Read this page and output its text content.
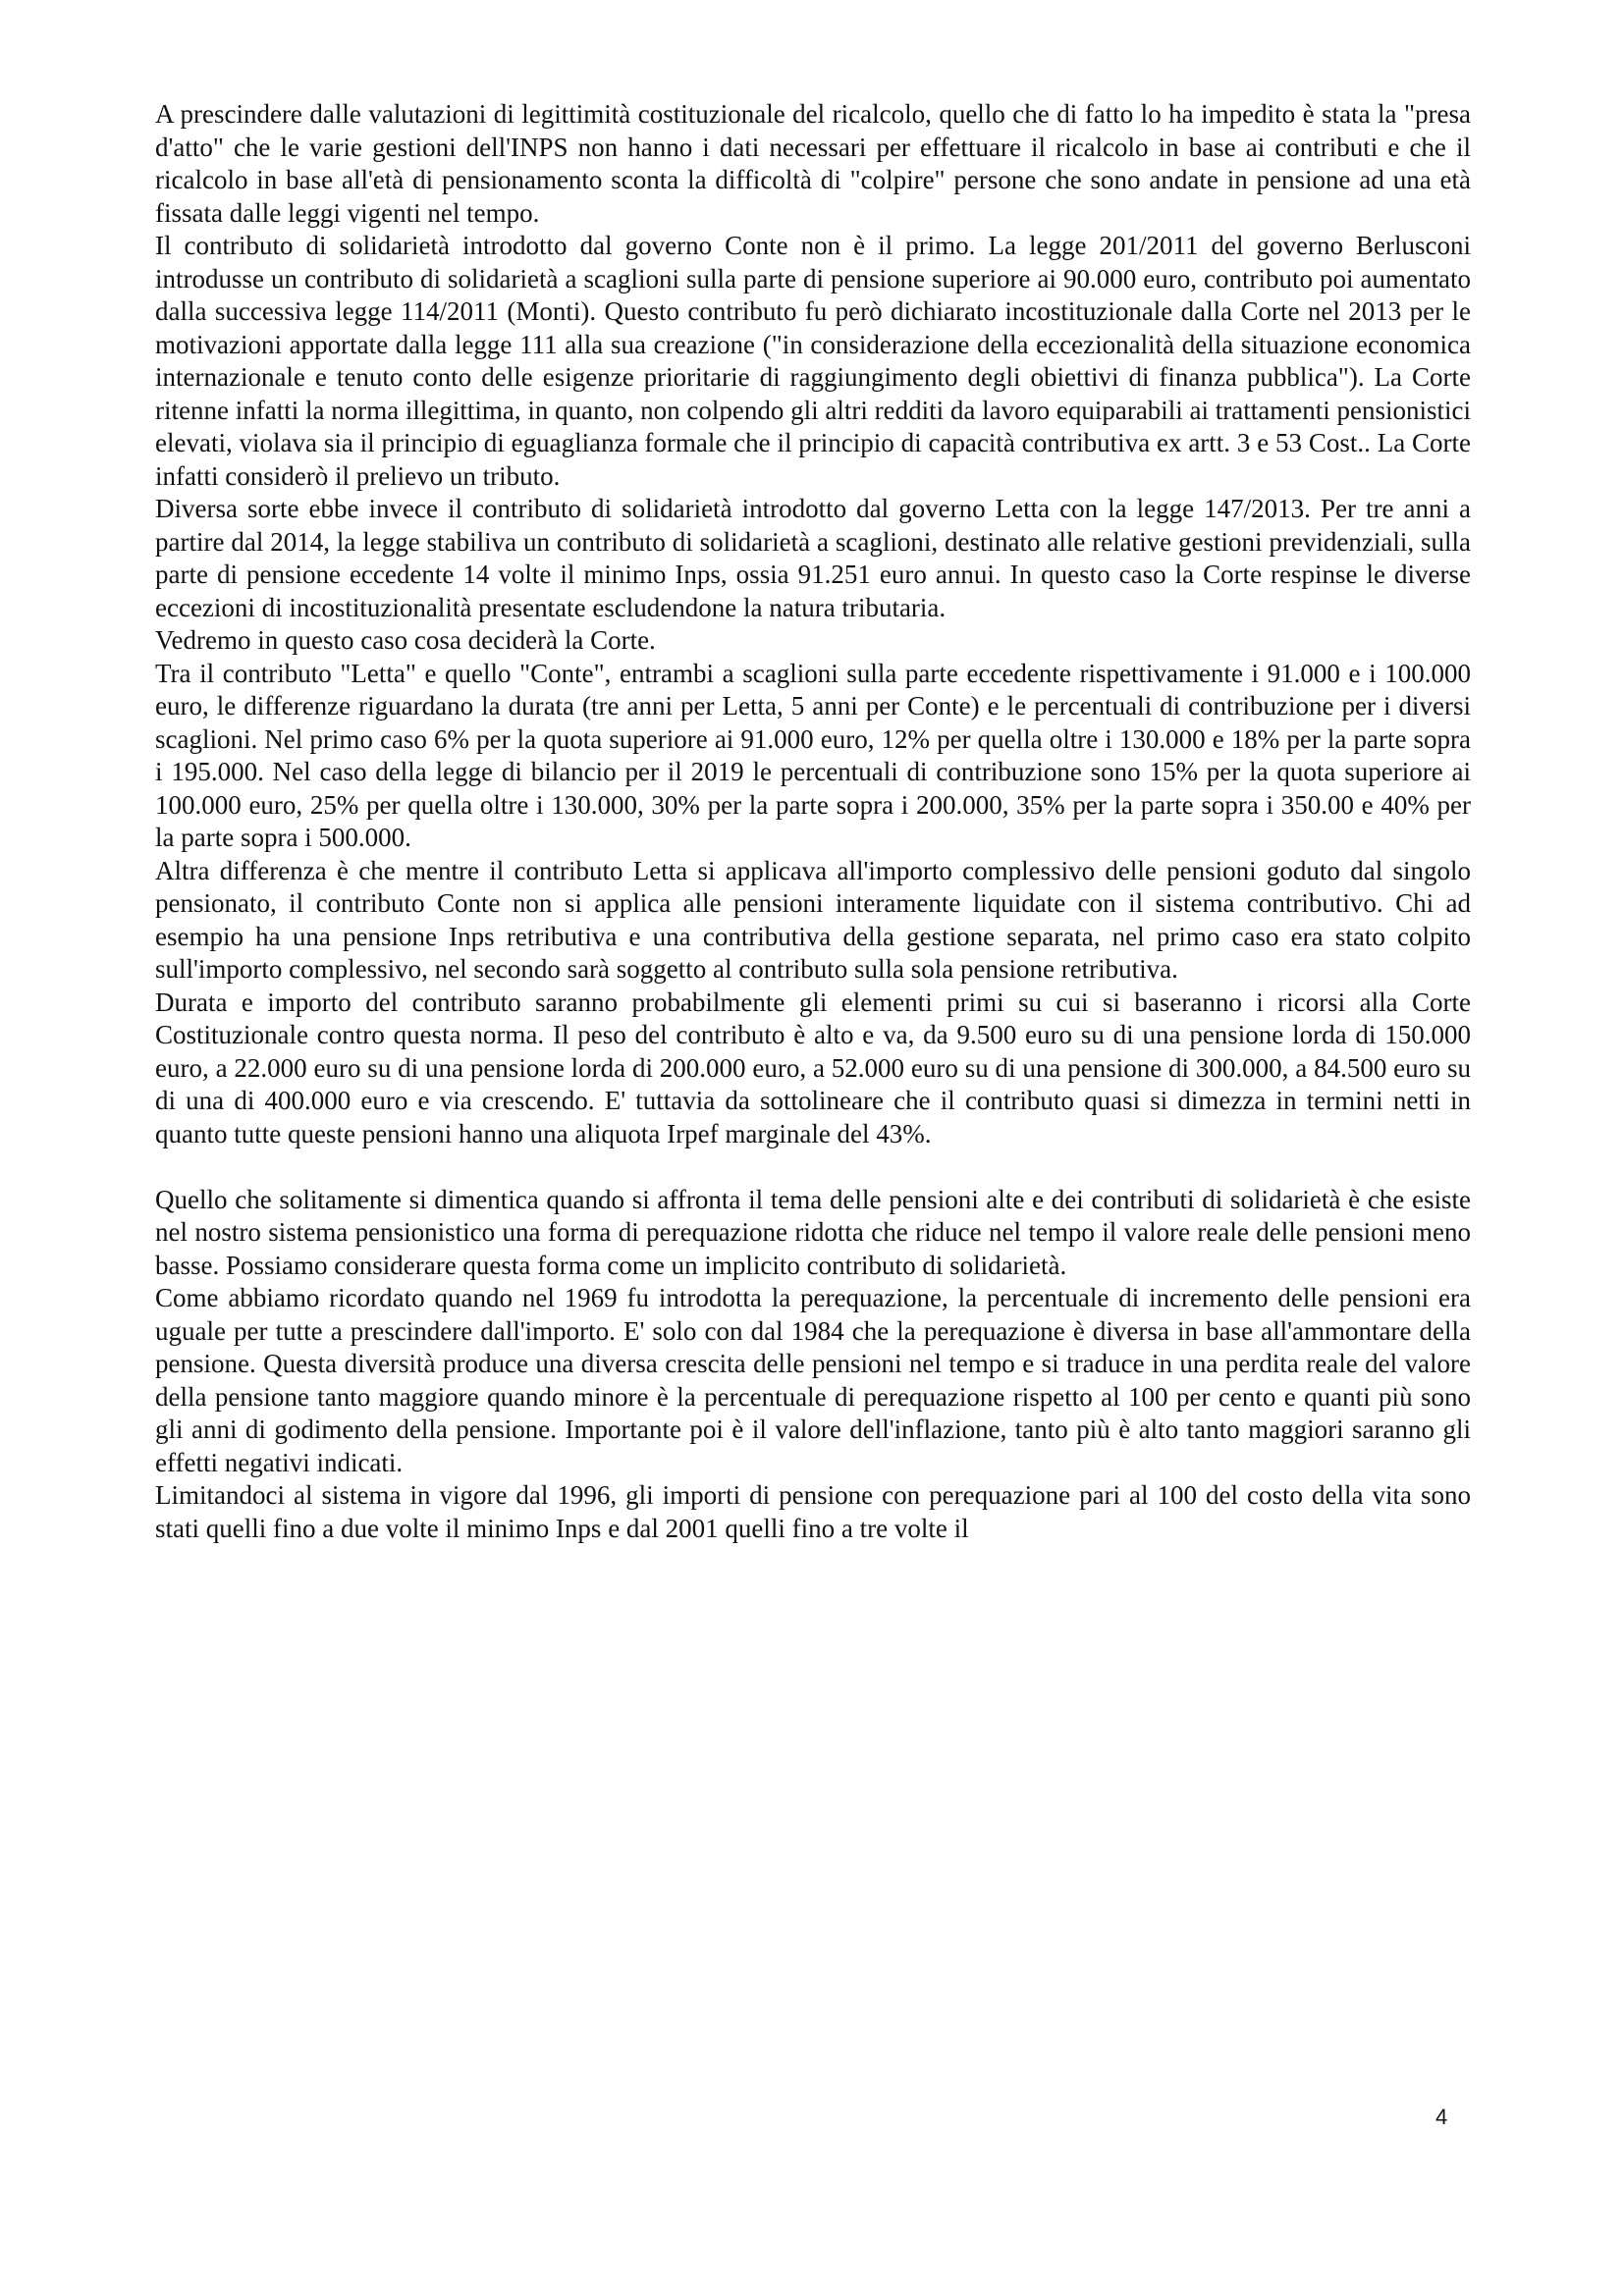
A prescindere dalle valutazioni di legittimità costituzionale del ricalcolo, quello che di fatto lo ha impedito è stata la "presa d'atto" che le varie gestioni dell'INPS non hanno i dati necessari per effettuare il ricalcolo in base ai contributi e che il ricalcolo in base all'età di pensionamento sconta la difficoltà di "colpire" persone che sono andate in pensione ad una età fissata dalle leggi vigenti nel tempo.

Il contributo di solidarietà introdotto dal governo Conte non è il primo. La legge 201/2011 del governo Berlusconi introdusse un contributo di solidarietà a scaglioni sulla parte di pensione superiore ai 90.000 euro, contributo poi aumentato dalla successiva legge 114/2011 (Monti). Questo contributo fu però dichiarato incostituzionale dalla Corte nel 2013 per le motivazioni apportate dalla legge 111 alla sua creazione ("in considerazione della eccezionalità della situazione economica internazionale e tenuto conto delle esigenze prioritarie di raggiungimento degli obiettivi di finanza pubblica"). La Corte ritenne infatti la norma illegittima, in quanto, non colpendo gli altri redditi da lavoro equiparabili ai trattamenti pensionistici elevati, violava sia il principio di eguaglianza formale che il principio di capacità contributiva ex artt. 3 e 53 Cost.. La Corte infatti considerò il prelievo un tributo.

Diversa sorte ebbe invece il contributo di solidarietà introdotto dal governo Letta con la legge 147/2013. Per tre anni a partire dal 2014, la legge stabiliva un contributo di solidarietà a scaglioni, destinato alle relative gestioni previdenziali, sulla parte di pensione eccedente 14 volte il minimo Inps, ossia 91.251 euro annui. In questo caso la Corte respinse le diverse eccezioni di incostituzionalità presentate escludendone la natura tributaria.

Vedremo in questo caso cosa deciderà la Corte.

Tra il contributo "Letta" e quello "Conte", entrambi a scaglioni sulla parte eccedente rispettivamente i 91.000 e i 100.000 euro, le differenze riguardano la durata (tre anni per Letta, 5 anni per Conte) e le percentuali di contribuzione per i diversi scaglioni. Nel primo caso 6% per la quota superiore ai 91.000 euro, 12% per quella oltre i 130.000 e 18% per la parte sopra i 195.000. Nel caso della legge di bilancio per il 2019 le percentuali di contribuzione sono 15% per la quota superiore ai 100.000 euro, 25% per quella oltre i 130.000, 30% per la parte sopra i 200.000, 35% per la parte sopra i 350.00 e 40% per la parte sopra i 500.000.

Altra differenza è che mentre il contributo Letta si applicava all'importo complessivo delle pensioni goduto dal singolo pensionato, il contributo Conte non si applica alle pensioni interamente liquidate con il sistema contributivo. Chi ad esempio ha una pensione Inps retributiva e una contributiva della gestione separata, nel primo caso era stato colpito sull'importo complessivo, nel secondo sarà soggetto al contributo sulla sola pensione retributiva.

Durata e importo del contributo saranno probabilmente gli elementi primi su cui si baseranno i ricorsi alla Corte Costituzionale contro questa norma. Il peso del contributo è alto e va, da 9.500 euro su di una pensione lorda di 150.000 euro, a 22.000 euro su di una pensione lorda di 200.000 euro, a 52.000 euro su di una pensione di 300.000, a 84.500 euro su di una di 400.000 euro e via crescendo. E' tuttavia da sottolineare che il contributo quasi si dimezza in termini netti in quanto tutte queste pensioni hanno una aliquota Irpef marginale del 43%.

Quello che solitamente si dimentica quando si affronta il tema delle pensioni alte e dei contributi di solidarietà è che esiste nel nostro sistema pensionistico una forma di perequazione ridotta che riduce nel tempo il valore reale delle pensioni meno basse. Possiamo considerare questa forma come un implicito contributo di solidarietà.

Come abbiamo ricordato quando nel 1969 fu introdotta la perequazione, la percentuale di incremento delle pensioni era uguale per tutte a prescindere dall'importo. E' solo con dal 1984 che la perequazione è diversa in base all'ammontare della pensione. Questa diversità produce una diversa crescita delle pensioni nel tempo e si traduce in una perdita reale del valore della pensione tanto maggiore quando minore è la percentuale di perequazione rispetto al 100 per cento e quanti più sono gli anni di godimento della pensione. Importante poi è il valore dell'inflazione, tanto più è alto tanto maggiori saranno gli effetti negativi indicati.

Limitandoci al sistema in vigore dal 1996, gli importi di pensione con perequazione pari al 100 del costo della vita sono stati quelli fino a due volte il minimo Inps e dal 2001 quelli fino a tre volte il

4
